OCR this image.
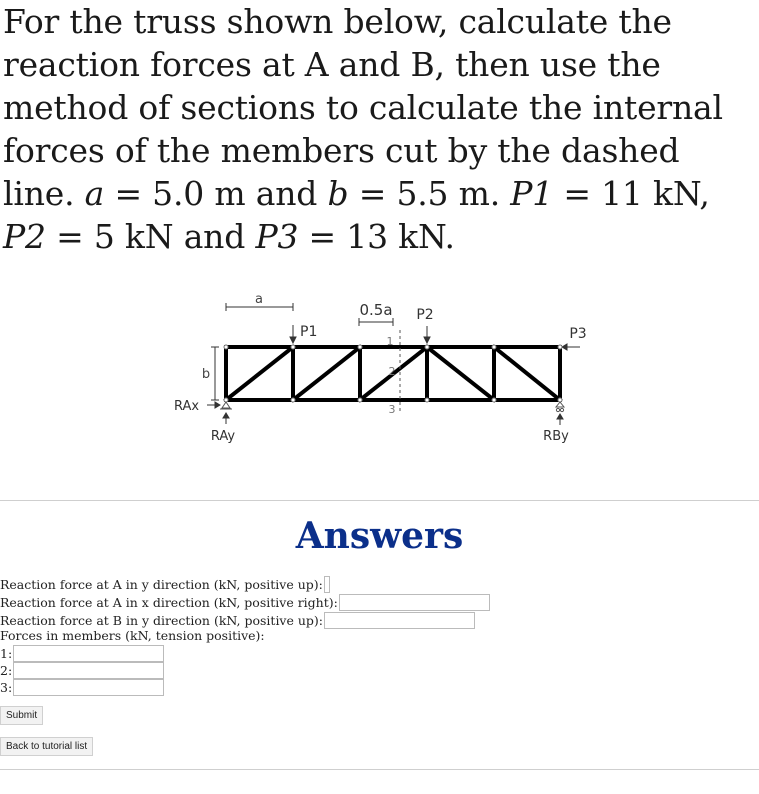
For the truss shown below, calculate the reaction forces at A and B, then use the method of sections to calculate the internal forces of the members cut by the dashed line. a = 5.0 m and b = 5.5 m. P1 = 11 kN, P2 = 5 kN and P3 = 13 kN.

a
0.5a
P1
P2
P3
b
1
2
3
RAx
RAy	RBy
Answers
Reaction force at A in y direction (kN, positive up):
Reaction force at A in x direction (kN, positive right):
Reaction force at B in y direction (kN, positive up):
Forces in members (kN, tension positive):
1:
2:
3:
Submit
Back to tutorial list
